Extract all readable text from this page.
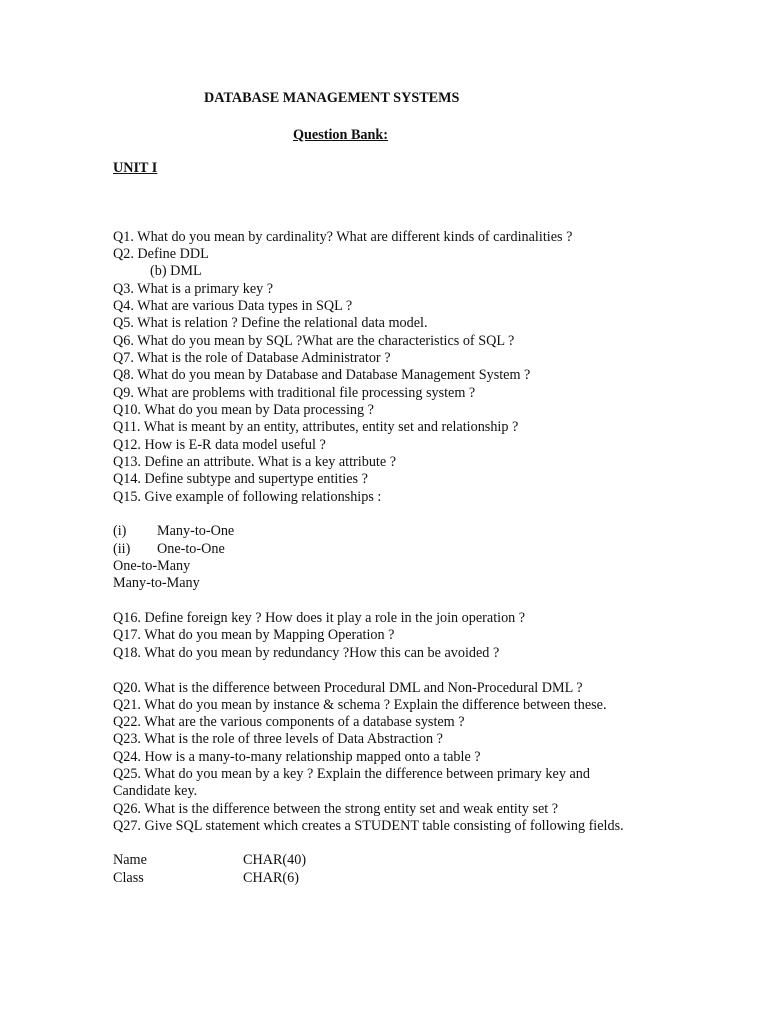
DATABASE MANAGEMENT SYSTEMS
Question Bank:
UNIT I
Q1. What do you mean by cardinality? What are different kinds of cardinalities ?
Q2. Define DDL
(b) DML
Q3. What is a primary key ?
Q4. What are various Data types in SQL ?
Q5. What is relation ? Define the relational data model.
Q6. What do you mean by SQL ?What are the characteristics of SQL ?
Q7. What is the role of Database Administrator ?
Q8. What do you mean by Database and Database Management System ?
Q9. What are problems with traditional file processing system ?
Q10. What do you mean by Data processing ?
Q11. What is meant by an entity, attributes, entity set and relationship ?
Q12. How is E-R data model useful ?
Q13. Define an attribute. What is a key attribute ?
Q14. Define subtype and supertype entities ?
Q15. Give example of following relationships :
(i) Many-to-One
(ii) One-to-One
One-to-Many
Many-to-Many
Q16. Define foreign key ? How does it play a role in the join operation ?
Q17. What do you mean by Mapping Operation ?
Q18. What do you mean by redundancy ?How this can be avoided ?
Q20. What is the difference between Procedural DML and Non-Procedural DML ?
Q21. What do you mean by instance & schema ? Explain the difference between these.
Q22. What are the various components of a database system ?
Q23. What is the role of three levels of Data Abstraction ?
Q24. How is a many-to-many relationship mapped onto a table ?
Q25. What do you mean by a key ? Explain the difference between primary key and
Candidate key.
Q26. What is the difference between the strong entity set and weak entity set ?
Q27. Give SQL statement which creates a STUDENT table consisting of following fields.
Name	CHAR(40)
Class	CHAR(6)
